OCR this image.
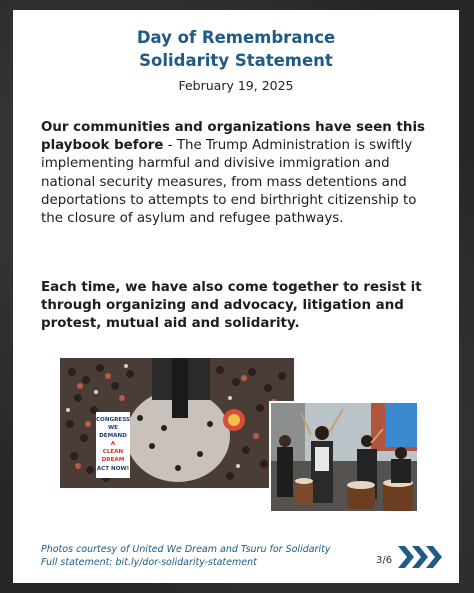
Day of Remembrance
Solidarity Statement
February 19, 2025

Our communities and organizations have seen this playbook before - The Trump Administration is swiftly implementing harmful and divisive immigration and national security measures, from mass detentions and deportations to attempts to end birthright citizenship to the closure of asylum and refugee pathways.

Each time, we have also come together to resist it through organizing and advocacy, litigation and protest, mutual aid and solidarity.

CONGRESS
WE
DEMAND
A
CLEAN
DREAM
ACT NOW!
Photos courtesy of United We Dream and Tsuru for Solidarity
Full statement: bit.ly/dor-solidarity-statement	3/6
